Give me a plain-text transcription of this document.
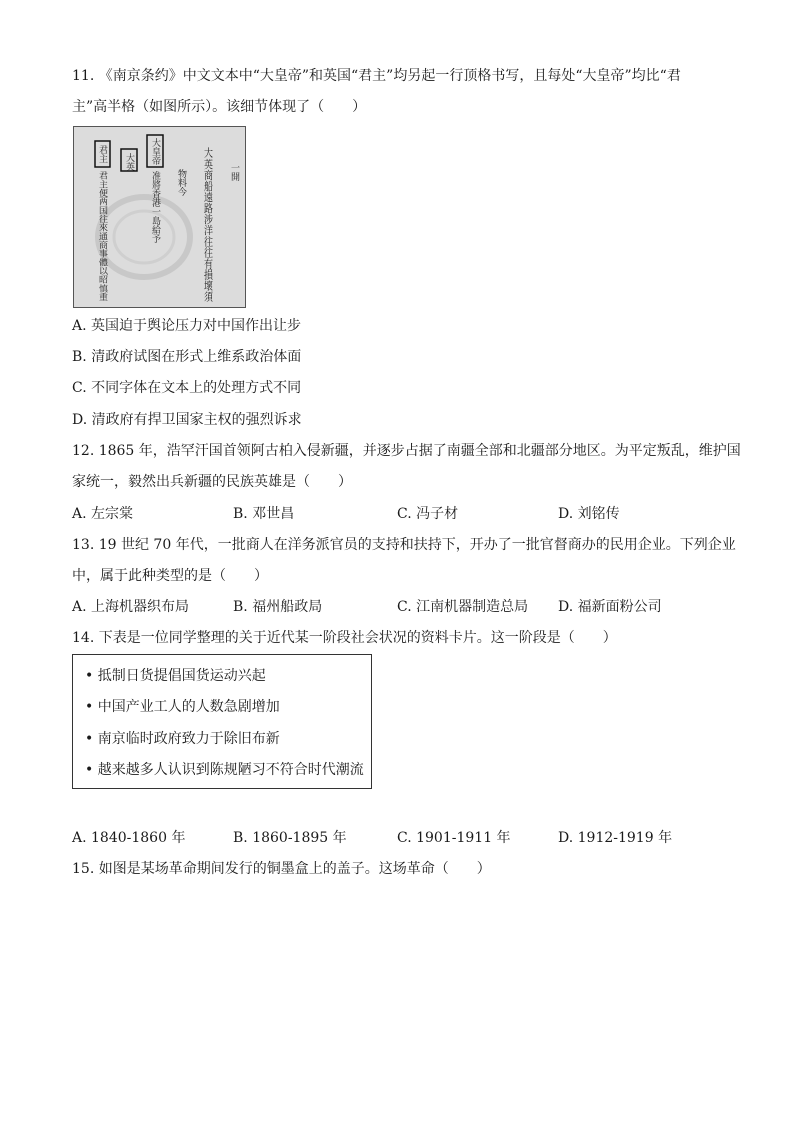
11. 《南京条约》中文文本中“大皇帝”和英国“君主”均另起一行顶格书写，且每处“大皇帝”均比“君
主”高半格（如图所示）。该细节体现了（　　）
君主
君主便两国往來通商事體以昭慎重
大英 大皇帝
准將香港一島給予 物料今 大英商船遠路涉洋往往有損壞須 一開
A. 英国迫于舆论压力对中国作出让步
B. 清政府试图在形式上维系政治体面
C. 不同字体在文本上的处理方式不同
D. 清政府有捍卫国家主权的强烈诉求
12. 1865 年，浩罕汗国首领阿古柏入侵新疆，并逐步占据了南疆全部和北疆部分地区。为平定叛乱，维护国
家统一，毅然出兵新疆的民族英雄是（　　）
A. 左宗棠	B. 邓世昌	C. 冯子材	D. 刘铭传
13. 19 世纪 70 年代，一批商人在洋务派官员的支持和扶持下，开办了一批官督商办的民用企业。下列企业
中，属于此种类型的是（　　）
A. 上海机器织布局	B. 福州船政局	C. 江南机器制造总局 D. 福新面粉公司
14. 下表是一位同学整理的关于近代某一阶段社会状况的资料卡片。这一阶段是（　　）
• 抵制日货提倡国货运动兴起
• 中国产业工人的人数急剧增加
• 南京临时政府致力于除旧布新
• 越来越多人认识到陈规陋习不符合时代潮流
A. 1840-1860 年	B. 1860-1895 年	C. 1901-1911 年	D. 1912-1919 年
15. 如图是某场革命期间发行的铜墨盒上的盖子。这场革命（　　）
